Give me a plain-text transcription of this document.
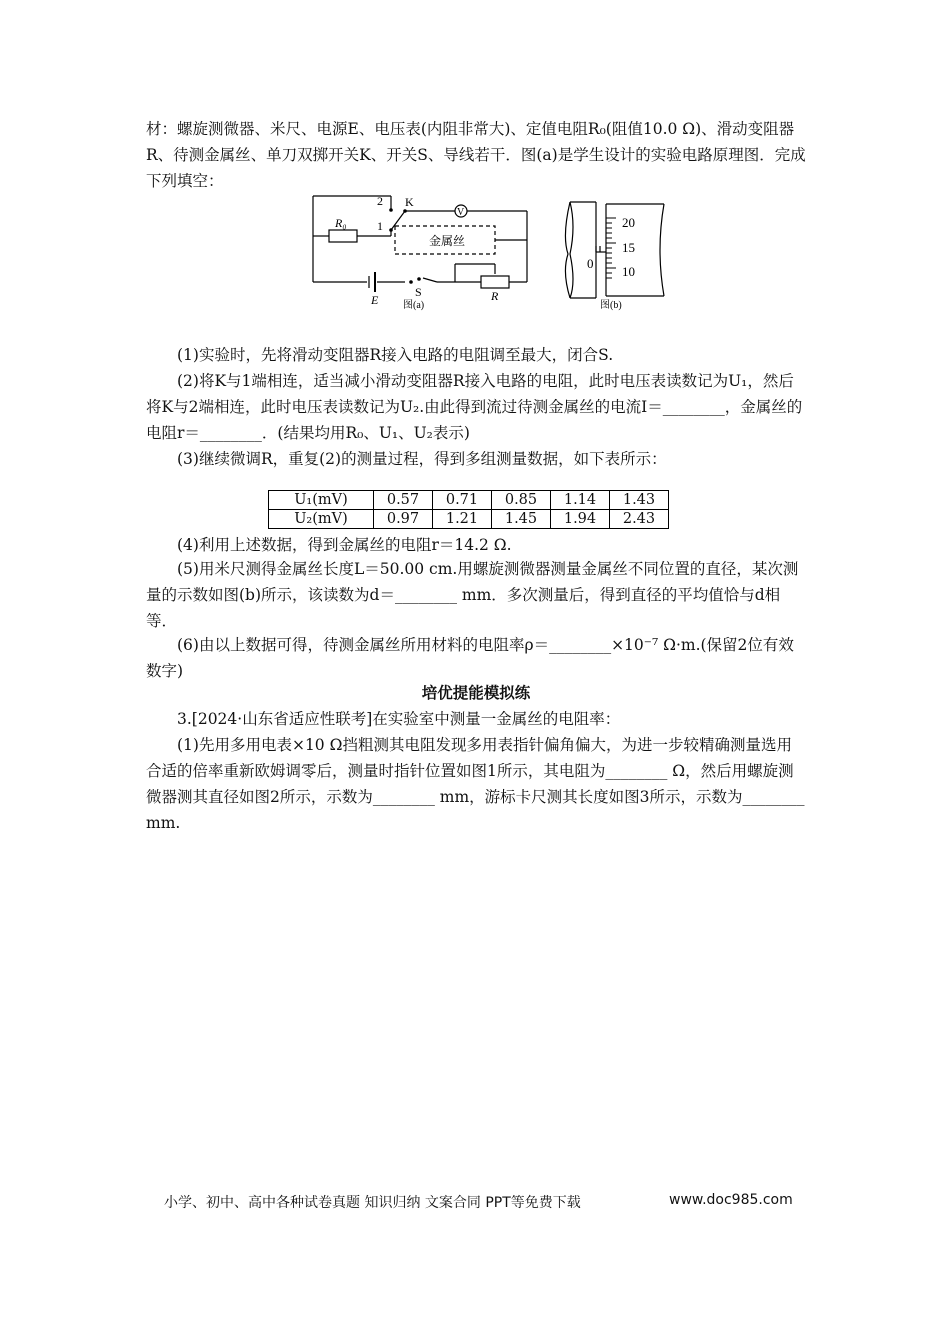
材：螺旋测微器、米尺、电源E、电压表(内阻非常大)、定值电阻R₀(阻值10.0 Ω)、滑动变阻器R、待测金属丝、单刀双掷开关K、开关S、导线若干．图(a)是学生设计的实验电路原理图．完成下列填空：

2
1
K
V
R₀
金属丝
E
S	R
图(a)
20
15
10
0
图(b)

(1)实验时，先将滑动变阻器R接入电路的电阻调至最大，闭合S.

(2)将K与1端相连，适当减小滑动变阻器R接入电路的电阻，此时电压表读数记为U₁，然后将K与2端相连，此时电压表读数记为U₂.由此得到流过待测金属丝的电流I＝________，金属丝的电阻r＝________．(结果均用R₀、U₁、U₂表示)

(3)继续微调R，重复(2)的测量过程，得到多组测量数据，如下表所示：

U₁(mV)	0.57	0.71	0.85	1.14	1.43
U₂(mV)	0.97	1.21	1.45	1.94	2.43

(4)利用上述数据，得到金属丝的电阻r＝14.2 Ω.

(5)用米尺测得金属丝长度L＝50.00 cm.用螺旋测微器测量金属丝不同位置的直径，某次测量的示数如图(b)所示，该读数为d＝________ mm．多次测量后，得到直径的平均值恰与d相等．

(6)由以上数据可得，待测金属丝所用材料的电阻率ρ＝________×10⁻⁷ Ω·m.(保留2位有效数字)

培优提能模拟练

3.[2024·山东省适应性联考]在实验室中测量一金属丝的电阻率：

(1)先用多用电表×10 Ω挡粗测其电阻发现多用表指针偏角偏大，为进一步较精确测量选用合适的倍率重新欧姆调零后，测量时指针位置如图1所示，其电阻为________ Ω，然后用螺旋测微器测其直径如图2所示，示数为________ mm，游标卡尺测其长度如图3所示，示数为________ mm.

小学、初中、高中各种试卷真题 知识归纳 文案合同 PPT等免费下载	www.doc985.com
